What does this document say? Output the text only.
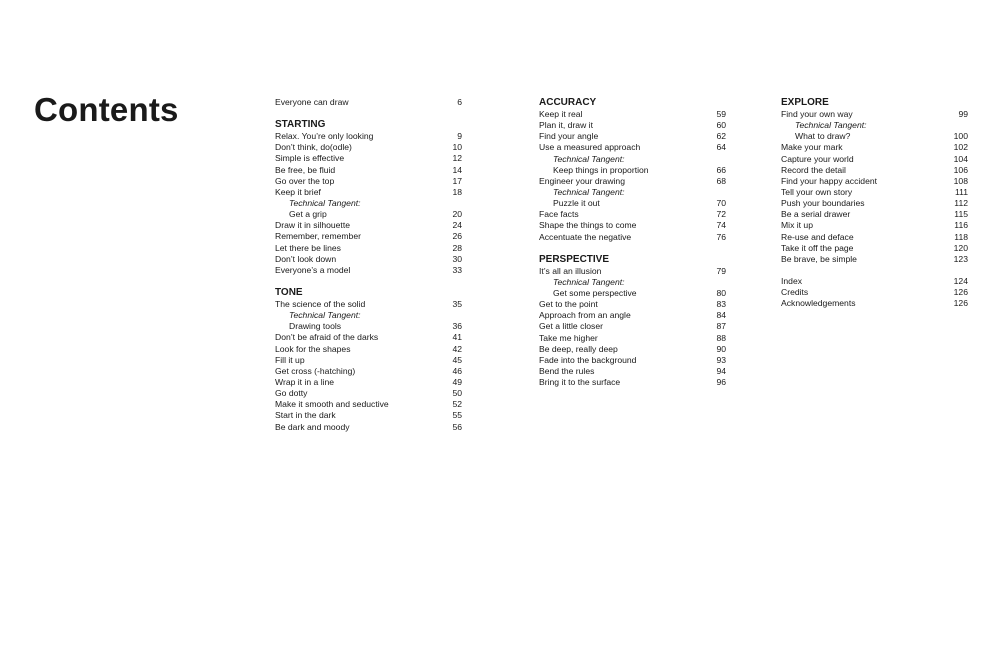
Contents	Everyone can draw	6
STARTING
Relax. You’re only looking	9
Don’t think, do(odle)	10
Simple is effective	12
Be free, be fluid	14
Go over the top	17
Keep it brief	18
Technical Tangent:
Get a grip	20
Draw it in silhouette	24
Remember, remember	26
Let there be lines	28
Don’t look down	30
Everyone’s a model	33
TONE
The science of the solid	35
Technical Tangent:
Drawing tools	36
Don’t be afraid of the darks	41
Look for the shapes	42
Fill it up	45
Get cross (-hatching)	46
Wrap it in a line	49
Go dotty	50
Make it smooth and seductive	52
Start in the dark	55
Be dark and moody	56
ACCURACY
Keep it real	59
Plan it, draw it	60
Find your angle	62
Use a measured approach	64
Technical Tangent:
Keep things in proportion	66
Engineer your drawing	68
Technical Tangent:
Puzzle it out	70
Face facts	72
Shape the things to come	74
Accentuate the negative	76
PERSPECTIVE
It’s all an illusion	79
Technical Tangent:
Get some perspective	80
Get to the point	83
Approach from an angle	84
Get a little closer	87
Take me higher	88
Be deep, really deep	90
Fade into the background	93
Bend the rules	94
Bring it to the surface	96
EXPLORE
Find your own way	99
Technical Tangent:
What to draw?	100
Make your mark	102
Capture your world	104
Record the detail	106
Find your happy accident	108
Tell your own story	111
Push your boundaries	112
Be a serial drawer	115
Mix it up	116
Re-use and deface	118
Take it off the page	120
Be brave, be simple	123
Index	124
Credits	126
Acknowledgements	126
